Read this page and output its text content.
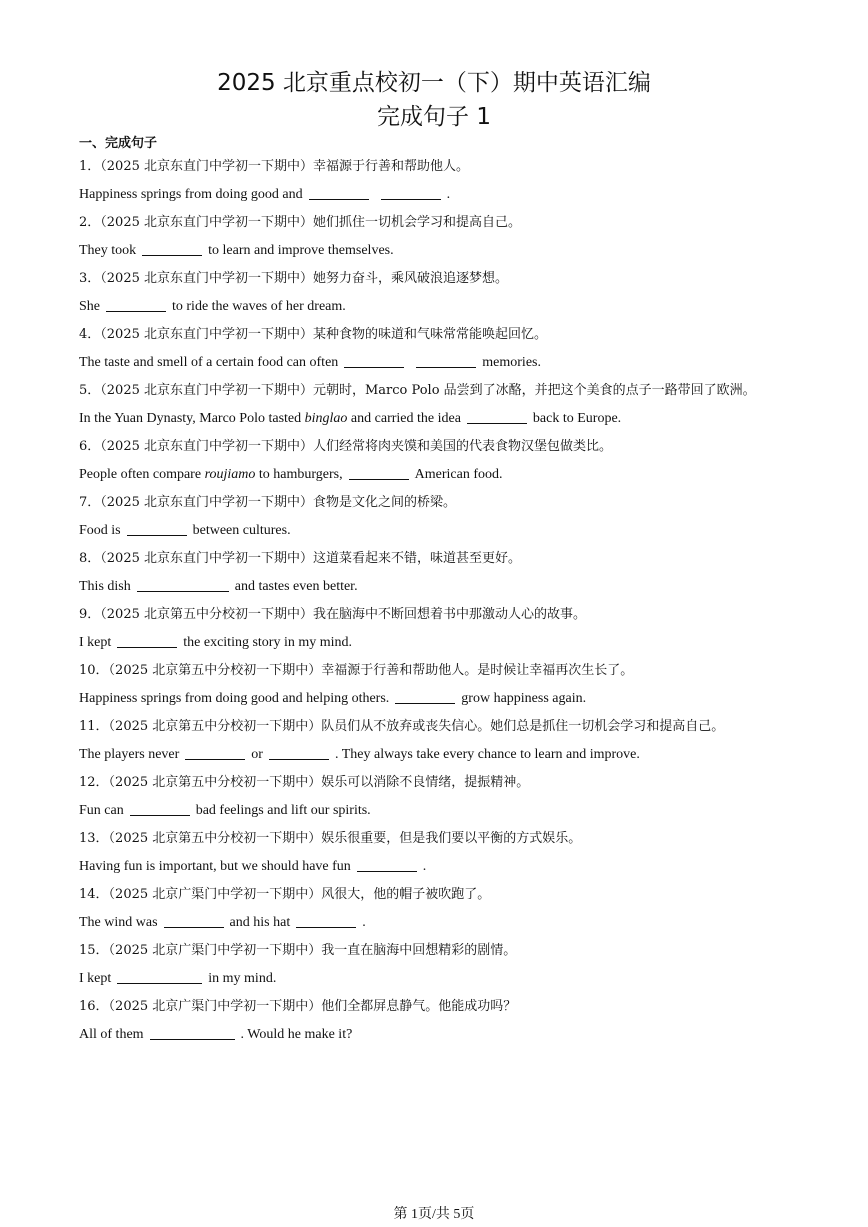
2025 北京重点校初一（下）期中英语汇编
完成句子 1
一、完成句子
1．（2025 北京东直门中学初一下期中）幸福源于行善和帮助他人。
Happiness springs from doing good and	.
2．（2025 北京东直门中学初一下期中）她们抓住一切机会学习和提高自己。
They took	to learn and improve themselves.
3．（2025 北京东直门中学初一下期中）她努力奋斗，乘风破浪追逐梦想。
She	to ride the waves of her dream.
4．（2025 北京东直门中学初一下期中）某种食物的味道和气味常常能唤起回忆。
The taste and smell of a certain food can often	memories.
5．（2025 北京东直门中学初一下期中）元朝时，Marco Polo 品尝到了冰酪，并把这个美食的点子一路带回了欧洲。
In the Yuan Dynasty, Marco Polo tasted binglao and carried the idea	back to Europe.
6．（2025 北京东直门中学初一下期中）人们经常将肉夹馍和美国的代表食物汉堡包做类比。
People often compare roujiamo to hamburgers,	American food.
7．（2025 北京东直门中学初一下期中）食物是文化之间的桥梁。
Food is	between cultures.
8．（2025 北京东直门中学初一下期中）这道菜看起来不错，味道甚至更好。
This dish	and tastes even better.
9．（2025 北京第五中分校初一下期中）我在脑海中不断回想着书中那激动人心的故事。
I kept	the exciting story in my mind.
10．（2025 北京第五中分校初一下期中）幸福源于行善和帮助他人。是时候让幸福再次生长了。
Happiness springs from doing good and helping others.	grow happiness again.
11．（2025 北京第五中分校初一下期中）队员们从不放弃或丧失信心。她们总是抓住一切机会学习和提高自己。
The players never	or	. They always take every chance to learn and improve.
12．（2025 北京第五中分校初一下期中）娱乐可以消除不良情绪，提振精神。
Fun can	bad feelings and lift our spirits.
13．（2025 北京第五中分校初一下期中）娱乐很重要，但是我们要以平衡的方式娱乐。
Having fun is important, but we should have fun	.
14．（2025 北京广渠门中学初一下期中）风很大，他的帽子被吹跑了。
The wind was	and his hat	.
15．（2025 北京广渠门中学初一下期中）我一直在脑海中回想精彩的剧情。
I kept	in my mind.
16．（2025 北京广渠门中学初一下期中）他们全都屏息静气。他能成功吗？
All of them	. Would he make it?
第 1页/共 5页
